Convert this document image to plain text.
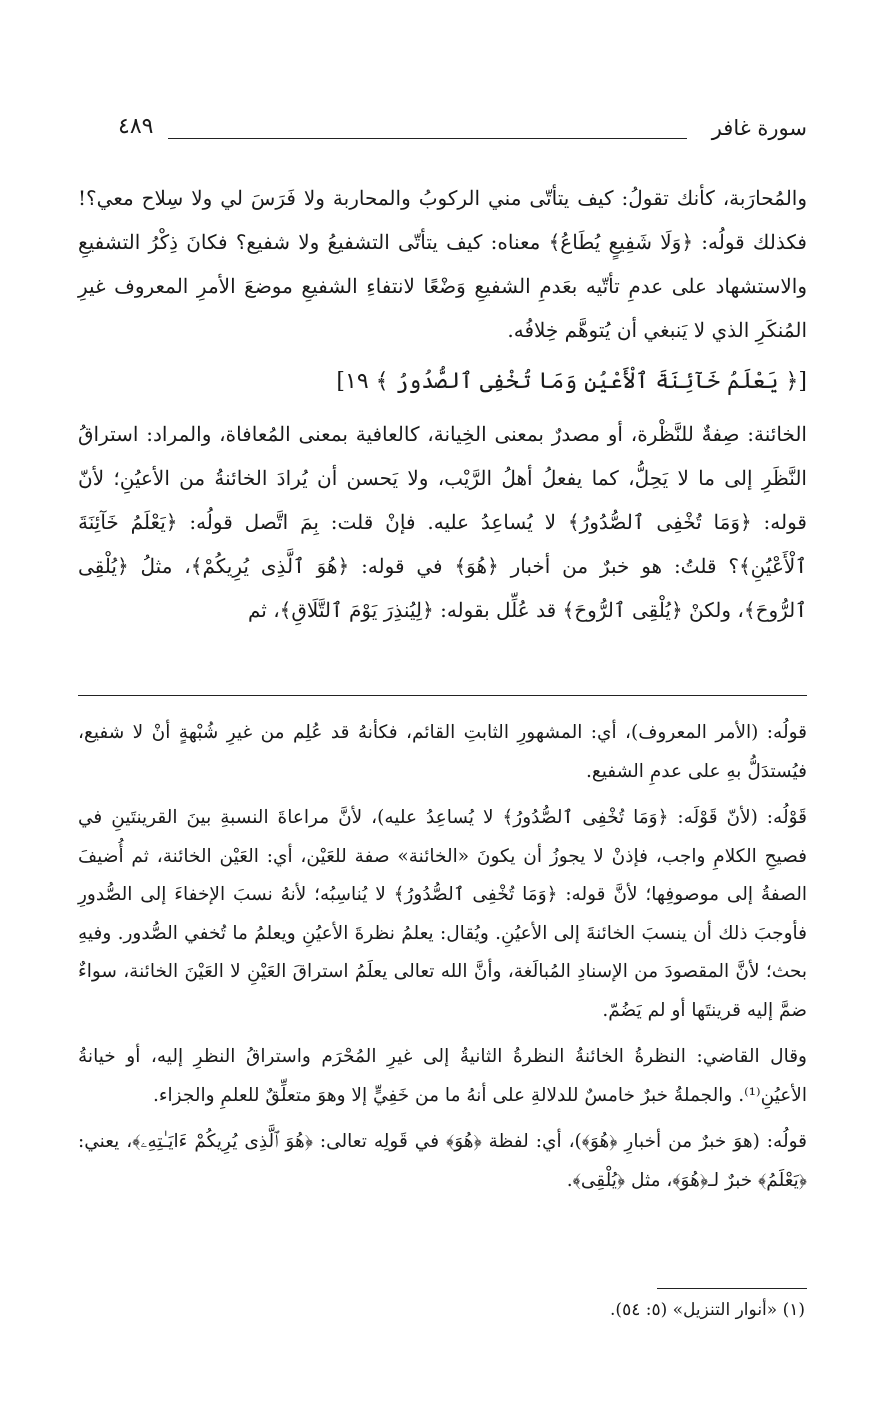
سورة غافر
٤٨٩

والمُحارَبة، كأنك تقولُ: كيف يتأتّى مني الركوبُ والمحاربة ولا فَرَسَ لي ولا سِلاح معي؟! فكذلك قولُه: ﴿وَلَا شَفِيعٍ يُطَاعُ﴾ معناه: كيف يتأتّى التشفيعُ ولا شفيع؟ فكانَ ذِكْرُ التشفيعِ والاستشهاد على عدمِ تأتّيه بعَدمِ الشفيعِ وَضْعًا لانتفاءِ الشفيعِ موضعَ الأمرِ المعروف غيرِ المُنكَرِ الذي لا يَنبغي أن يُتوهَّم خِلافُه.

[﴿ يَعْلَمُ خَآئِنَةَ ٱلْأَعْيُنِ وَمَا تُخْفِى ٱلصُّدُورُ ﴾ ١٩]

الخائنة: صِفةٌ للنَّظْرة، أو مصدرٌ بمعنى الخِيانة، كالعافية بمعنى المُعافاة، والمراد: استراقُ النَّظَرِ إلى ما لا يَحِلُّ، كما يفعلُ أهلُ الرَّيْب، ولا يَحسن أن يُرادَ الخائنةُ من الأعيُنِ؛ لأنّ قوله: ﴿وَمَا تُخْفِى ٱلصُّدُورُ﴾ لا يُساعِدُ عليه. فإنْ قلت: بِمَ اتَّصل قولُه: ﴿يَعْلَمُ خَآئِنَةَ ٱلْأَعْيُنِ﴾؟ قلتُ: هو خبرٌ من أخبار ﴿هُوَ﴾ في قوله: ﴿هُوَ ٱلَّذِى يُرِيكُمْ﴾، مثلُ ﴿يُلْقِى ٱلرُّوحَ﴾، ولكنْ ﴿يُلْقِى ٱلرُّوحَ﴾ قد عُلِّل بقوله: ﴿لِيُنذِرَ يَوْمَ ٱلتَّلَاقِ﴾، ثم

قولُه: (الأمر المعروف)، أي: المشهورِ الثابتِ القائم، فكأنهُ قد عُلِم من غيرِ شُبْهةٍ أنْ لا شفيع، فيُستدَلُّ بهِ على عدمِ الشفيع.

قَوْلُه: (لأنّ قَوْلَه: ﴿وَمَا تُخْفِى ٱلصُّدُورُ﴾ لا يُساعِدُ عليه)، لأنَّ مراعاةَ النسبةِ بينَ القرينتَينِ في فصيحِ الكلامِ واجب، فإذنْ لا يجوزُ أن يكونَ «الخائنة» صفة للعَيْن، أي: العَيْن الخائنة، ثم أُضيفَ الصفةُ إلى موصوفِها؛ لأنَّ قوله: ﴿وَمَا تُخْفِى ٱلصُّدُورُ﴾ لا يُناسِبُه؛ لأنهُ نسبَ الإخفاءَ إلى الصُّدورِ فأوجبَ ذلك أن ينسبَ الخائنةَ إلى الأعيُنِ. ويُقال: يعلمُ نظرةَ الأعيُنِ ويعلمُ ما تُخفي الصُّدور. وفيهِ بحث؛ لأنَّ المقصودَ من الإسنادِ المُبالَغة، وأنَّ الله تعالى يعلَمُ استراقَ العَيْنِ لا العَيْنَ الخائنة، سواءٌ ضمَّ إليه قرينتَها أو لم يَضُمّ.

وقال القاضي: النظرةُ الخائنةُ النظرةُ الثانيةُ إلى غيرِ المُحْرَم واستراقُ النظرِ إليه، أو خيانةُ الأعيُنِ⁽¹⁾. والجملةُ خبرٌ خامسٌ للدلالةِ على أنهُ ما من خَفِيٍّ إلا وهوَ متعلِّقٌ للعلمِ والجزاء.

قولُه: (هوَ خبرٌ من أخبارِ ﴿هُوَ﴾)، أي: لفظة ﴿هُوَ﴾ في قَولِه تعالى: ﴿هُوَ ٱلَّذِى يُرِيكُمْ ءَايَـٰتِهِۦ﴾، يعني: ﴿يَعْلَمُ﴾ خبرٌ لـ﴿هُوَ﴾، مثل ﴿يُلْقِى﴾.

(١) «أنوار التنزيل» (٥: ٥٤).
